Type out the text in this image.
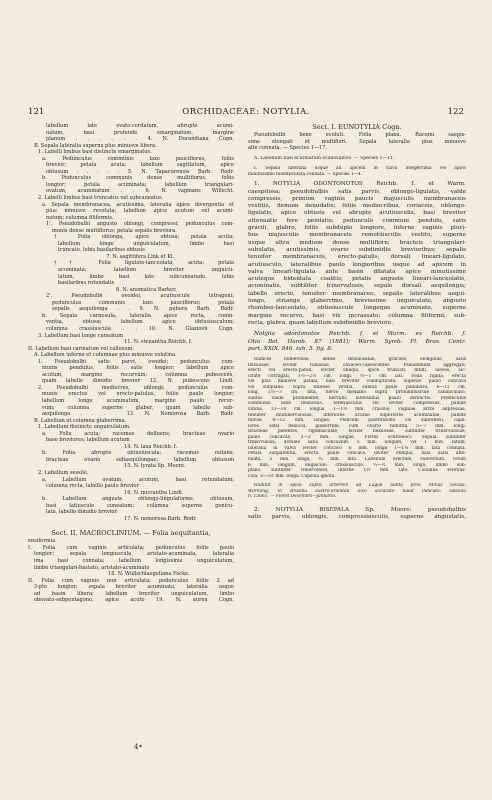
121	ORCHIDACEAE: NOTYLIA.	122
labellum late ovato-cordatum, abrupte acumi-
natum, basi profunde emarginatum, margine
planum . . . . . . 4. N. Durandiana Cogn.
B. Sepala lateralia superne plus minusve libera.
1. Labelli limbus basi distincte emarginatus.
a. Pedunculus communis laxe pauciflorus, foliis
brevior; petala acuta; labellum sagittatum, apice
obtusum . . . . . 5. N. Tapacurensis Barb. Rodr.
b. Pedunculus communis dense multiflorus, foliis
longior; petala acuminata; labellum triangulari-
ovatum, acuminatum . . 6. N. vaginans Willscht.
2. Labelli limbus basi truncatus vel subcuneatus.
a. Sepala membranacea, acutissima, lateralia apice divergentia et
plus minusve revoluta; labellum apice acutum vel acumi-
natum; columna filiformis.
1'. Pseudobulbi angusto oblongi, compressi; pedunculus com-
munis dense multiflorus; petala sepalis breviora.
† Folia oblonga, apice obtusa; petala acuta;
labellum longe unguiculatum, limbo basi
truncato, lobis basilaribus obtusis
7. N. sagittifera Link et Kl.
†† Folia ligulato-lanceolata, acuta; petala
acuminata; labellum breviter unguicu-
latum, limbo basi late subcuneatudo, lobis
basilaribus rotundatis
8. N. anomatica Barker.
2'. Pseudobulbi ovoidei, acutiuscule tetragoni;
pedunculus communis laxe pauciflorus; petala
sepalis aequilonga . . 9. N. pubera Barb. Rodr.
b. Sepala carnosula, lateralia apice recta, conni-
ventia, obtusa; labellum apice obtusiusculum;
columna crassiuscula . . 10. N. Glaziovii Cogn.
3. Labellum basi longe cuneatum
11. N. stenantha Reichb. f.
II. Labellum basi carinatum vel callosum.
A. Labellum inferne et columnae plus minusve velutina.
1. Pseudobulbi satis parvi, ovoidei; pedunculus com-
munis pendulus, foliis satis longior; labellum apice
acutum, margine recurvum; columna pubescens,
quam labelle dimidio brevior 12. N. pubescens Lindl.
2. Pseudobulbi mediocres, oblongi; pedunculus com-
munis erectus vel erecto-patulus, foliis paulo longior;
labellum longe acuminatum, margine paulo recur-
vum; columna superne glaber, quam labello sub-
aequilonga . . . . 13. N. Nemorosa Barb. Rodr.
B. Labellum et columna glaberrima.
1. Labellum distincte unguiculatum.
a. Folia acuta; racemus defluens; bracteae ovario
base breviores; labellum acutum
14. N. laxa Reichb. f.
b. Folia abrupte obtusiuscula; racemus nutans;
bracteae ovario subaequilongae; labellum obtusum
15. N. lyrata Sp. Moore.
2. Labellum sessile.
a. Labellum ovatum, acutum, basi rotundatum;
columna recta, labello paulo brevior
16. N. micrantha Lindl.
b. Labellum anguste oblongo-lingulaforme, obtusum,
basi latiuscule cuneatum; columna superne genicu-
lata, labello dimidio brevior
17. N. nemorosa Barb. Rodr.
Sect. II. MACROCLINIUM. — Folia aequitantia,
ensiformia.
I. Folia cum vaginis articulata; pedunculus foliis paulo
longior; sepala longiuscula aristato-acuminata, lateralia
ima basi connata; labellum longissime unguiculatum,
limbo triangulari-hastato, aristato-acuminato
18. N. Wullschlaegeliana Focke.
II. Folia cum vaginis non articulata; pedunculus foliis 2 ad
3-plo longior; sepala breviter acuminata, lateralia usque
ad basin libera; labellum breviter unguiculatum, limbo
obovato-subpentagono, apice acuto 19. N. aurea Cogn.
Sect. I. EUNOTYLIA Cogn.
Pseudobulbi bene evoluti. Folia plana. Racemi saepis-
sime elongati et multiflori. Sepala lateralia plus minusve
alte connata. — Species 1—17.
A. Labellum basi ecarinatum ecallosumve. — Species 1—11.
I. Sepala lateralia usque ad apicem in valva integerrima vel apice
minutissime bidenticulata connata. — Species 1—4.
1. NOTYLIA ODONTONOTOS Reichb. f. et Warm.
caespitosa; pseudobulbis satis parvis, oblongo-ligulatis, valde
compressis, primum vaginis paucis majusculis membranaceis
vestitis, demum denudatis; foliis mediocribus, coriaceis, oblongo-
ligulatis, apice obtusis vel abrupte acutiusculis, basi breviter
attenuatis fere peiolatis; pedunculo communi pendulo, satis
gracili, glabro, foliis subduplo longiore, inferne vaginis pluri-
bus majusculis membranaceis remotiusculis vestito, superne
usque ultra medium dense multiflore; bracteis triangulari-
subulatis, acutissimis, ovario subdimidio brevioribus; sepalis
tenuiter membranaceis, erecto-patulis, dorsali lineari-ligulato,
acutiusculo, lateralibus paulo longioribus usque ad apicem in
valva lineari-ligulata ante basin dilatata apice minutissime
acuteque bidentata coalitis; petalis anguste lineari-lanceolatis,
acuminatis, subtiliter trinervulosis, sepalo dorsali aequilongis;
labello erecto, tenuiter membranaceo, sepalis lateralibus aequi-
longo, striange glaberrimo, breviusime unguiculato, angusto
rhombeo-lanceolato, obtusiuscule longeque acuminato, superne
margine recurvo, basi vix incrassato; columna filiformi, sub-
recta, glabra, quam labellum subdimidio breviore.
Notylia odontonotos Reichb. f. et Warm. ex Reichb. f.
Otia Bot. Hamb. 87 (1881); Warm. Symb. Fl. Bras. Centr.
part. XXIX. 846. tab. 5. fig. 8.
Radices numerosae, dense flexulosatae, graciles, elongatae, satis
flexuosae, leviter ramosae, olivaceo-canescentes. Pseudobulbi aggregati,
erecti vel erecto-patuli, leviter obliqui, apice truncati, nitidi, laeves, sic-
citate corrugati, 1½—2½ cm. longi, ½—1 cm. lati. Folia rigida, erecta
vel plus minusve patula, basi breviter condupticata, superne paulo concava
vel subplana, supra intense viridia, subtus paulo pallidiora, 6—11 cm.
long, 1½—3 cm. lata, nervo mediano supra profundiuscule canaliculato,
subtus valde prominente, nervulis lateralibus paulo distinctis. Pedunculus
communis satis flexuosus, teretiusculus vel leviter compressus, pallide
viridis, 13—16 cm. longus, 1—1½ mm. crassus; vaginae arcte adpressae,
tenuiter multinervulosae, inferiores acutae superiores acuminatae, pallide
fulvae, 8—12 mm. longae. Pedicelli patentissimi vel subreflexi, capil-
lares, satis flexuosi, glaberrimi, cum ovario filiformi 5—7 mm. longi.
Bracteae patentes, rigidiusculae, leviter flexuosae, subtiliter trinervulosae,
paulo concavae, 2—3 mm. longae. Flores ochroleuci. Sepala subtiliter
trinervulosa, dorsale satis concavum, 5 mm. longum, vix 1 mm. latum,
lateralia in valva leviter concavo 6 mm. longa 1—1¼ mm. lata connata.
Petala subpatentia, erecta, paulo concava, leviter obliqua, basi satis atte-
nuata, 5 mm. longa, ¾ mm. lata. Labellum erectum, subrectum, totum
6 mm. longum, unguiculo crassiusculo, ⅓—½ mm. longo, limbo sub-
plano, subtiliter trinervoloso, inferne 1½ mm. lato. Columna teretius-
cula, 3—3½ mm. longa. Capsula ignota.
Habitat in spica supra arborem ad Lagoa Santa prov. Minas Gerais:
Warming; in Brasilia austro-orientali loco accurato haud indicato: Glaziou
n. 15665. — Floret Decembri—Januario.
2. NOTYLIA BISEPALA Sp. Moore: pseudobulbis
satis parvis, oblongis, compressiusculis, superne angustatis,
4•
